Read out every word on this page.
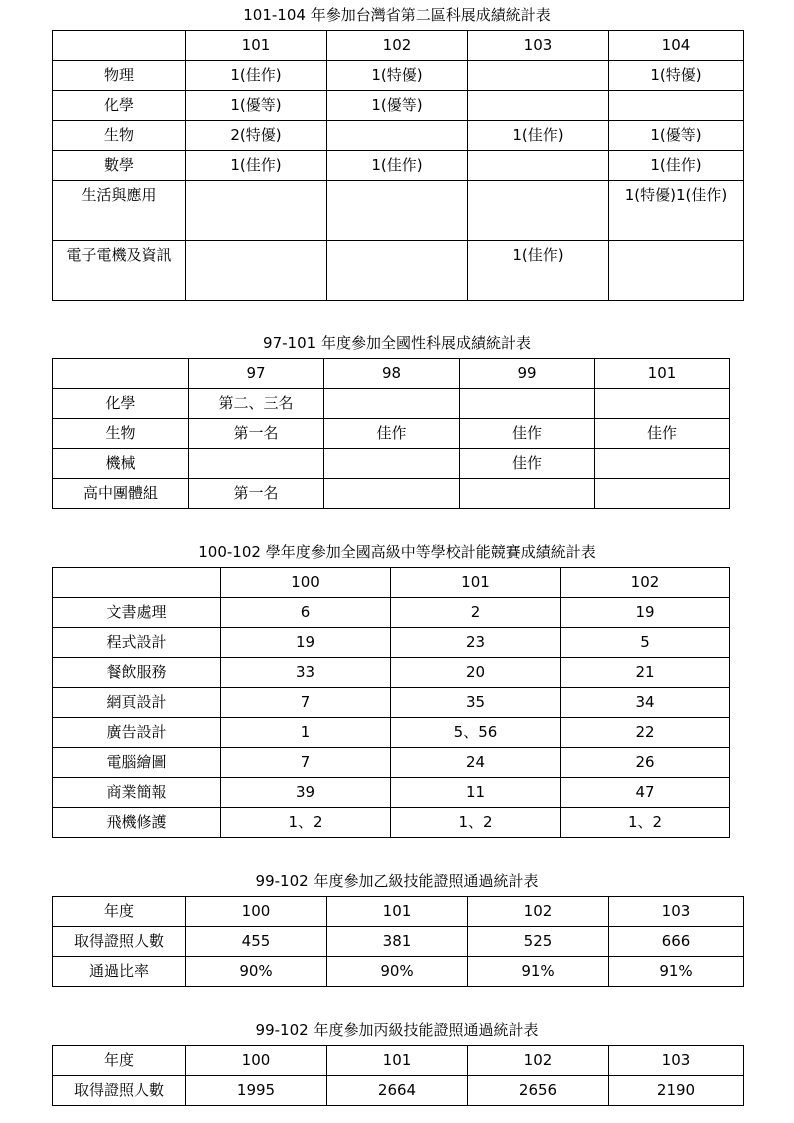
101-104 年參加台灣省第二區科展成績統計表
	101	102	103	104
物理	1(佳作)	1(特優)		1(特優)
化學	1(優等)	1(優等)		
生物	2(特優)		1(佳作)	1(優等)
數學	1(佳作)	1(佳作)		1(佳作)
生活與應用				1(特優)1(佳作)
電子電機及資訊			1(佳作)	
97-101 年度參加全國性科展成績統計表
	97	98	99	101
化學	第二、三名			
生物	第一名	佳作	佳作	佳作
機械			佳作	
高中團體組	第一名			
100-102 學年度參加全國高級中等學校計能競賽成績統計表
	100	101	102
文書處理	6	2	19
程式設計	19	23	5
餐飲服務	33	20	21
網頁設計	7	35	34
廣告設計	1	5、56	22
電腦繪圖	7	24	26
商業簡報	39	11	47
飛機修護	1、2	1、2	1、2
99-102 年度參加乙級技能證照通過統計表
年度	100	101	102	103
取得證照人數	455	381	525	666
通過比率	90%	90%	91%	91%
99-102 年度參加丙級技能證照通過統計表
年度	100	101	102	103
取得證照人數	1995	2664	2656	2190
